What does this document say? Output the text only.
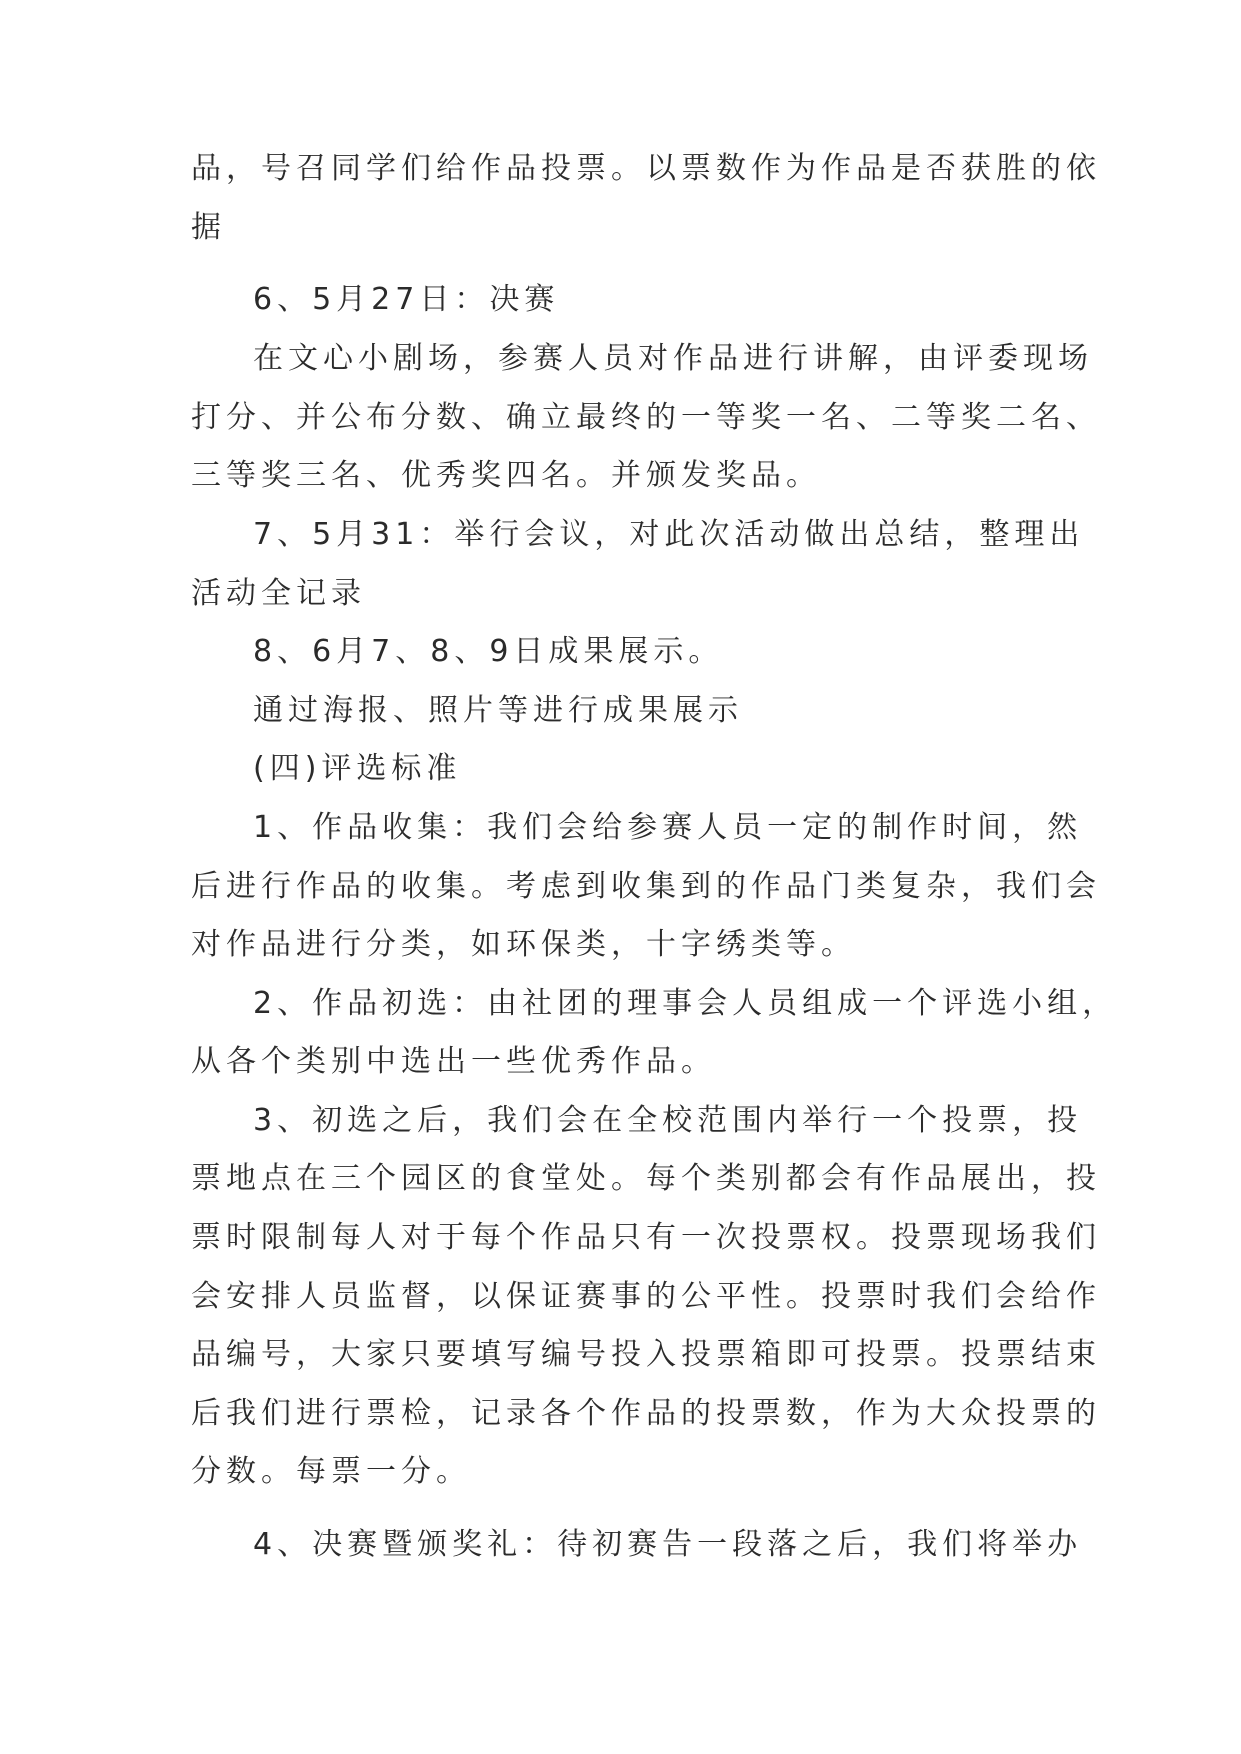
品，号召同学们给作品投票。以票数作为作品是否获胜的依

据

6、5月27日：决赛

在文心小剧场，参赛人员对作品进行讲解，由评委现场

打分、并公布分数、确立最终的一等奖一名、二等奖二名、

三等奖三名、优秀奖四名。并颁发奖品。

7、5月31：举行会议，对此次活动做出总结，整理出

活动全记录

8、6月7、8、9日成果展示。

通过海报、照片等进行成果展示

(四)评选标准

1、作品收集：我们会给参赛人员一定的制作时间，然

后进行作品的收集。考虑到收集到的作品门类复杂，我们会

对作品进行分类，如环保类，十字绣类等。

2、作品初选：由社团的理事会人员组成一个评选小组，

从各个类别中选出一些优秀作品。

3、初选之后，我们会在全校范围内举行一个投票，投

票地点在三个园区的食堂处。每个类别都会有作品展出，投

票时限制每人对于每个作品只有一次投票权。投票现场我们

会安排人员监督，以保证赛事的公平性。投票时我们会给作

品编号，大家只要填写编号投入投票箱即可投票。投票结束

后我们进行票检，记录各个作品的投票数，作为大众投票的

分数。每票一分。

4、决赛暨颁奖礼：待初赛告一段落之后，我们将举办
